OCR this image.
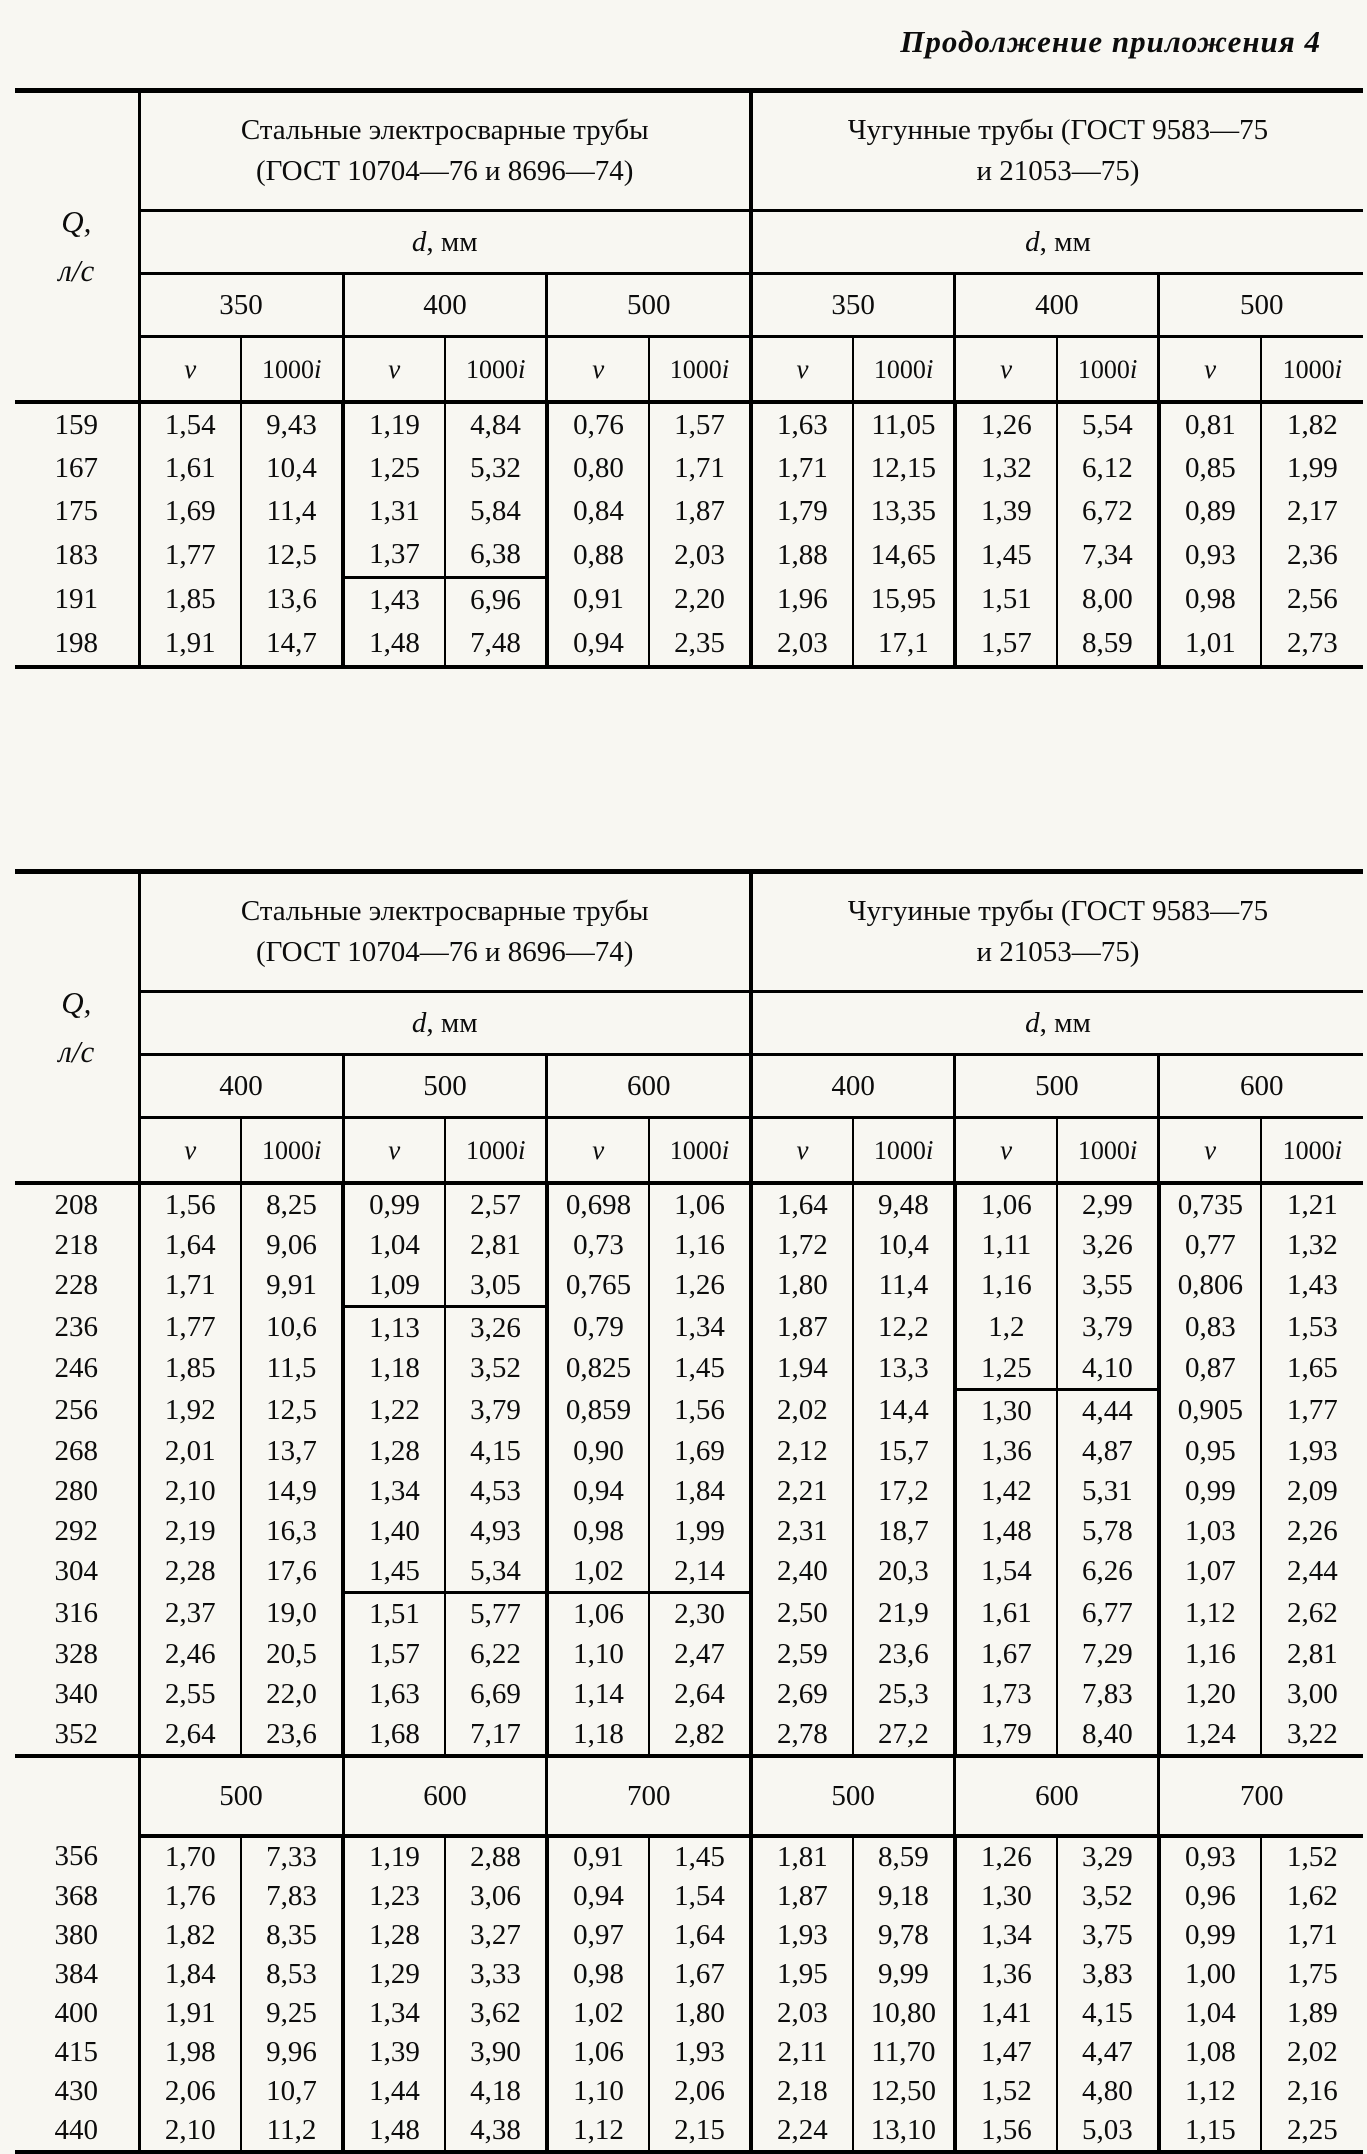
Продолжение приложения 4
Q,
л/с	Стальные электросварные трубы
(ГОСТ 10704—76 и 8696—74)						Чугунные трубы (ГОСТ 9583—75
и 21053—75)					
	d, мм						d, мм					
	350		400		500		350		400		500	
	v	1000i	v	1000i	v	1000i	v	1000i	v	1000i	v	1000i
159	1,54	9,43	1,19	4,84	0,76	1,57	1,63	11,05	1,26	5,54	0,81	1,82
167	1,61	10,4	1,25	5,32	0,80	1,71	1,71	12,15	1,32	6,12	0,85	1,99
175	1,69	11,4	1,31	5,84	0,84	1,87	1,79	13,35	1,39	6,72	0,89	2,17
183	1,77	12,5	1,37	6,38	0,88	2,03	1,88	14,65	1,45	7,34	0,93	2,36
191	1,85	13,6	1,43	6,96	0,91	2,20	1,96	15,95	1,51	8,00	0,98	2,56
198	1,91	14,7	1,48	7,48	0,94	2,35	2,03	17,1	1,57	8,59	1,01	2,73
Q,
л/с	Стальные электросварные трубы
(ГОСТ 10704—76 и 8696—74)						Чугуиные трубы (ГОСТ 9583—75
и 21053—75)					
	d, мм						d, мм					
	400		500		600		400		500		600	
	v	1000i	v	1000i	v	1000i	v	1000i	v	1000i	v	1000i
208	1,56	8,25	0,99	2,57	0,698	1,06	1,64	9,48	1,06	2,99	0,735	1,21
218	1,64	9,06	1,04	2,81	0,73	1,16	1,72	10,4	1,11	3,26	0,77	1,32
228	1,71	9,91	1,09	3,05	0,765	1,26	1,80	11,4	1,16	3,55	0,806	1,43
236	1,77	10,6	1,13	3,26	0,79	1,34	1,87	12,2	1,2	3,79	0,83	1,53
246	1,85	11,5	1,18	3,52	0,825	1,45	1,94	13,3	1,25	4,10	0,87	1,65
256	1,92	12,5	1,22	3,79	0,859	1,56	2,02	14,4	1,30	4,44	0,905	1,77
268	2,01	13,7	1,28	4,15	0,90	1,69	2,12	15,7	1,36	4,87	0,95	1,93
280	2,10	14,9	1,34	4,53	0,94	1,84	2,21	17,2	1,42	5,31	0,99	2,09
292	2,19	16,3	1,40	4,93	0,98	1,99	2,31	18,7	1,48	5,78	1,03	2,26
304	2,28	17,6	1,45	5,34	1,02	2,14	2,40	20,3	1,54	6,26	1,07	2,44
316	2,37	19,0	1,51	5,77	1,06	2,30	2,50	21,9	1,61	6,77	1,12	2,62
328	2,46	20,5	1,57	6,22	1,10	2,47	2,59	23,6	1,67	7,29	1,16	2,81
340	2,55	22,0	1,63	6,69	1,14	2,64	2,69	25,3	1,73	7,83	1,20	3,00
352	2,64	23,6	1,68	7,17	1,18	2,82	2,78	27,2	1,79	8,40	1,24	3,22
	500		600		700		500		600		700	
356	1,70	7,33	1,19	2,88	0,91	1,45	1,81	8,59	1,26	3,29	0,93	1,52
368	1,76	7,83	1,23	3,06	0,94	1,54	1,87	9,18	1,30	3,52	0,96	1,62
380	1,82	8,35	1,28	3,27	0,97	1,64	1,93	9,78	1,34	3,75	0,99	1,71
384	1,84	8,53	1,29	3,33	0,98	1,67	1,95	9,99	1,36	3,83	1,00	1,75
400	1,91	9,25	1,34	3,62	1,02	1,80	2,03	10,80	1,41	4,15	1,04	1,89
415	1,98	9,96	1,39	3,90	1,06	1,93	2,11	11,70	1,47	4,47	1,08	2,02
430	2,06	10,7	1,44	4,18	1,10	2,06	2,18	12,50	1,52	4,80	1,12	2,16
440	2,10	11,2	1,48	4,38	1,12	2,15	2,24	13,10	1,56	5,03	1,15	2,25
